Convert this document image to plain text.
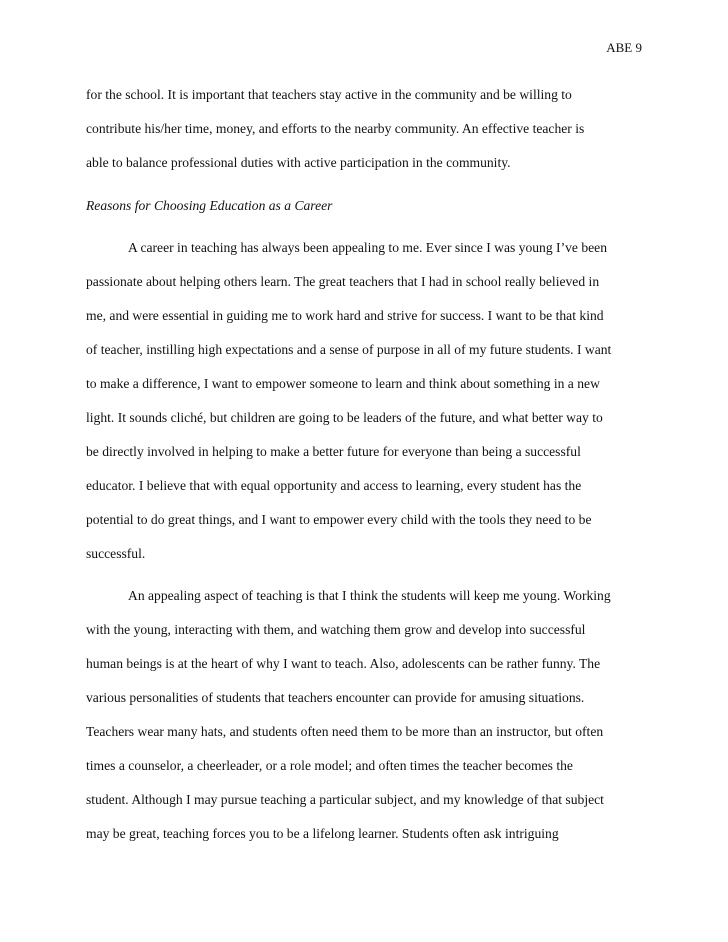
ABE 9
for the school. It is important that teachers stay active in the community and be willing to
contribute his/her time, money, and efforts to the nearby community. An effective teacher is
able to balance professional duties with active participation in the community.
Reasons for Choosing Education as a Career
A career in teaching has always been appealing to me. Ever since I was young I’ve been
passionate about helping others learn. The great teachers that I had in school really believed in
me, and were essential in guiding me to work hard and strive for success. I want to be that kind
of teacher, instilling high expectations and a sense of purpose in all of my future students. I want
to make a difference, I want to empower someone to learn and think about something in a new
light. It sounds cliché, but children are going to be leaders of the future, and what better way to
be directly involved in helping to make a better future for everyone than being a successful
educator. I believe that with equal opportunity and access to learning, every student has the
potential to do great things, and I want to empower every child with the tools they need to be
successful.
An appealing aspect of teaching is that I think the students will keep me young. Working
with the young, interacting with them, and watching them grow and develop into successful
human beings is at the heart of why I want to teach. Also, adolescents can be rather funny. The
various personalities of students that teachers encounter can provide for amusing situations.
Teachers wear many hats, and students often need them to be more than an instructor, but often
times a counselor, a cheerleader, or a role model; and often times the teacher becomes the
student. Although I may pursue teaching a particular subject, and my knowledge of that subject
may be great, teaching forces you to be a lifelong learner. Students often ask intriguing
